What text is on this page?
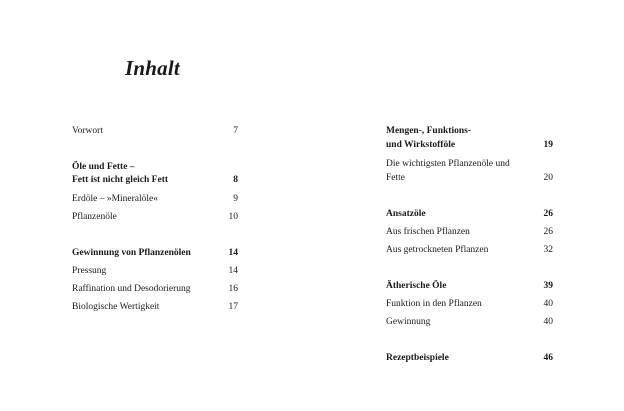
Inhalt
Vorwort	7
Öle und Fette –
Fett ist nicht gleich Fett	8
Erdöle – »Mineralöle«	9
Pflanzenöle	10
Gewinnung von Pflanzenölen	14
Pressung	14
Raffination und Desodorierung	16
Biologische Wertigkeit	17
Mengen-, Funktions-
und Wirkstofföle	19
Die wichtigsten Pflanzenöle und
Fette	20
Ansatzöle	26
Aus frischen Pflanzen	26
Aus getrockneten Pflanzen	32
Ätherische Öle	39
Funktion in den Pflanzen	40
Gewinnung	40
Rezeptbeispiele	46
